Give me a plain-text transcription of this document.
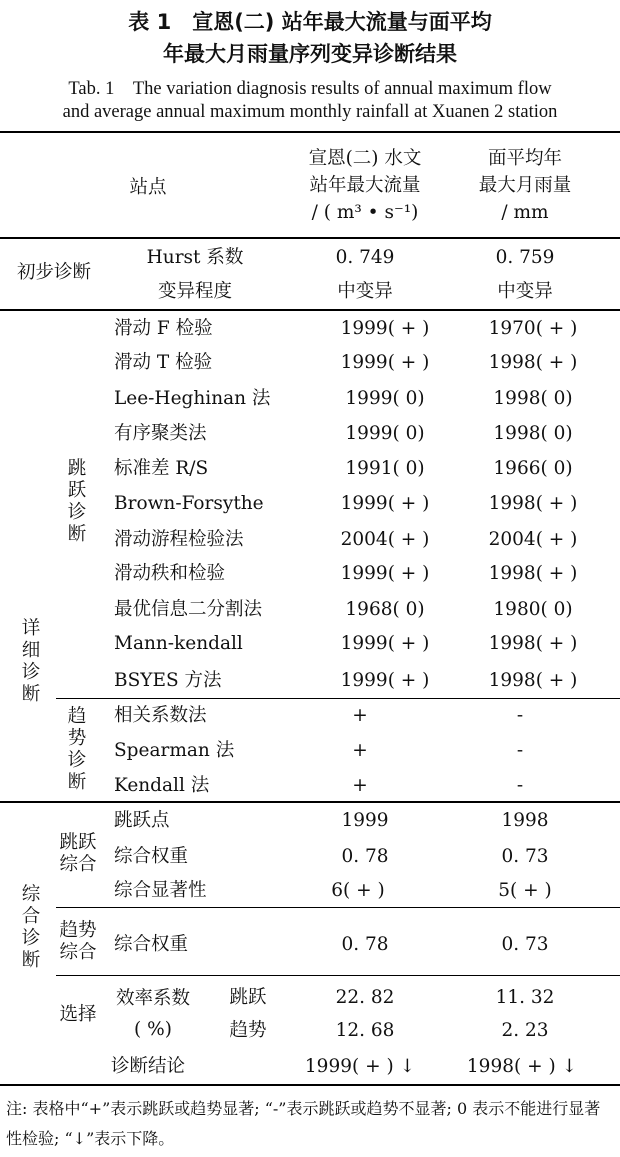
表 1　宣恩(二) 站年最大流量与面平均
年最大月雨量序列变异诊断结果
Tab. 1　The variation diagnosis results of annual maximum flow
and average annual maximum monthly rainfall at Xuanen 2 station
站点
宣恩(二) 水文
站年最大流量
/ ( m³ • s⁻¹)
面平均年
最大月雨量
/ mm
初步诊断
Hurst 系数	0. 749	0. 759
变异程度	中变异	中变异
详细诊断
跳跃诊断
趋势诊断
滑动 F 检验	1999( + )	1970( + )
滑动 T 检验	1999( + )	1998( + )
Lee-Heghinan 法	1999( 0)	1998( 0)
有序聚类法	1999( 0)	1998( 0)
标准差 R/S	1991( 0)	1966( 0)
Brown-Forsythe	1999( + )	1998( + )
滑动游程检验法	2004( + )	2004( + )
滑动秩和检验	1999( + )	1998( + )
最优信息二分割法	1968( 0)	1980( 0)
Mann-kendall	1999( + )	1998( + )
BSYES 方法	1999( + )	1998( + )
相关系数法	+	-
Spearman 法	+	-
Kendall 法	+	-
综合诊断
跳跃综合
趋势综合
选择
跳跃点	1999	1998
综合权重	0. 78	0. 73
综合显著性	6( + )	5( + )
综合权重	0. 78	0. 73
效率系数
( %)
跳跃	22. 82	11. 32
趋势	12. 68	2. 23
诊断结论	1999( + ) ↓	1998( + ) ↓
注: 表格中“+”表示跳跃或趋势显著; “-”表示跳跃或趋势不显著; 0 表示不能进行显著性检验; “↓”表示下降。
